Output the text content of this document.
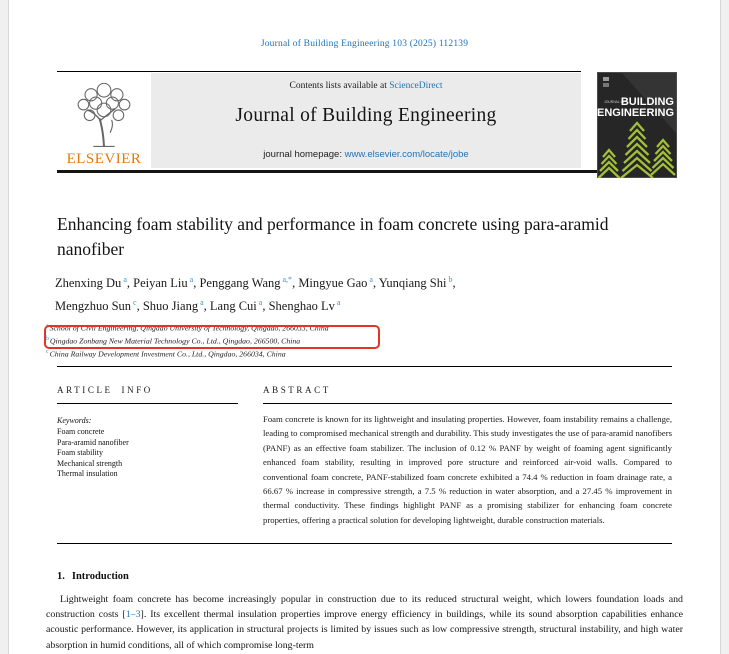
Journal of Building Engineering 103 (2025) 112139
ELSEVIER
Contents lists available at ScienceDirect
Journal of Building Engineering
journal homepage: www.elsevier.com/locate/jobe
JOURNAL OF
BUILDING
ENGINEERING
Enhancing foam stability and performance in foam concrete using para-aramid nanofiber
Zhenxing Du $^a$, Peiyan Liu $^a$, Penggang Wang $^{a,*}$, Mingyue Gao $^a$, Yunqiang Shi $^b$,
Mengzhuo Sun $^c$, Shuo Jiang $^a$, Lang Cui $^a$, Shenghao Lv $^a$
$^a$School of Civil Engineering, Qingdao University of Technology, Qingdao, 266033, China
$^b$Qingdao Zonbang New Material Technology Co., Ltd., Qingdao, 266500, China
$^c$China Railway Development Investment Co., Ltd., Qingdao, 266034, China
ARTICLE INFO	ABSTRACT
Keywords:
Foam concrete
Para-aramid nanofiber
Foam stability
Mechanical strength
Thermal insulation
Foam concrete is known for its lightweight and insulating properties. However, foam instability remains a challenge, leading to compromised mechanical strength and durability. This study investigates the use of para-aramid nanofibers (PANF) as an effective foam stabilizer. The inclusion of 0.12 % PANF by weight of foaming agent significantly enhanced foam stability, resulting in improved pore structure and reinforced air-void walls. Compared to conventional foam concrete, PANF-stabilized foam concrete exhibited a 74.4 % reduction in foam drainage rate, a 66.67 % increase in compressive strength, a 7.5 % reduction in water absorption, and a 27.45 % improvement in thermal conductivity. These findings highlight PANF as a promising stabilizer for enhancing foam concrete properties, offering a practical solution for developing lightweight, durable construction materials.
1. Introduction
Lightweight foam concrete has become increasingly popular in construction due to its reduced structural weight, which lowers foundation loads and construction costs [1–3]. Its excellent thermal insulation properties improve energy efficiency in buildings, while its sound absorption capabilities enhance acoustic performance. However, its application in structural projects is limited by issues such as low compressive strength, structural instability, and high water absorption in humid conditions, all of which compromise long-term
